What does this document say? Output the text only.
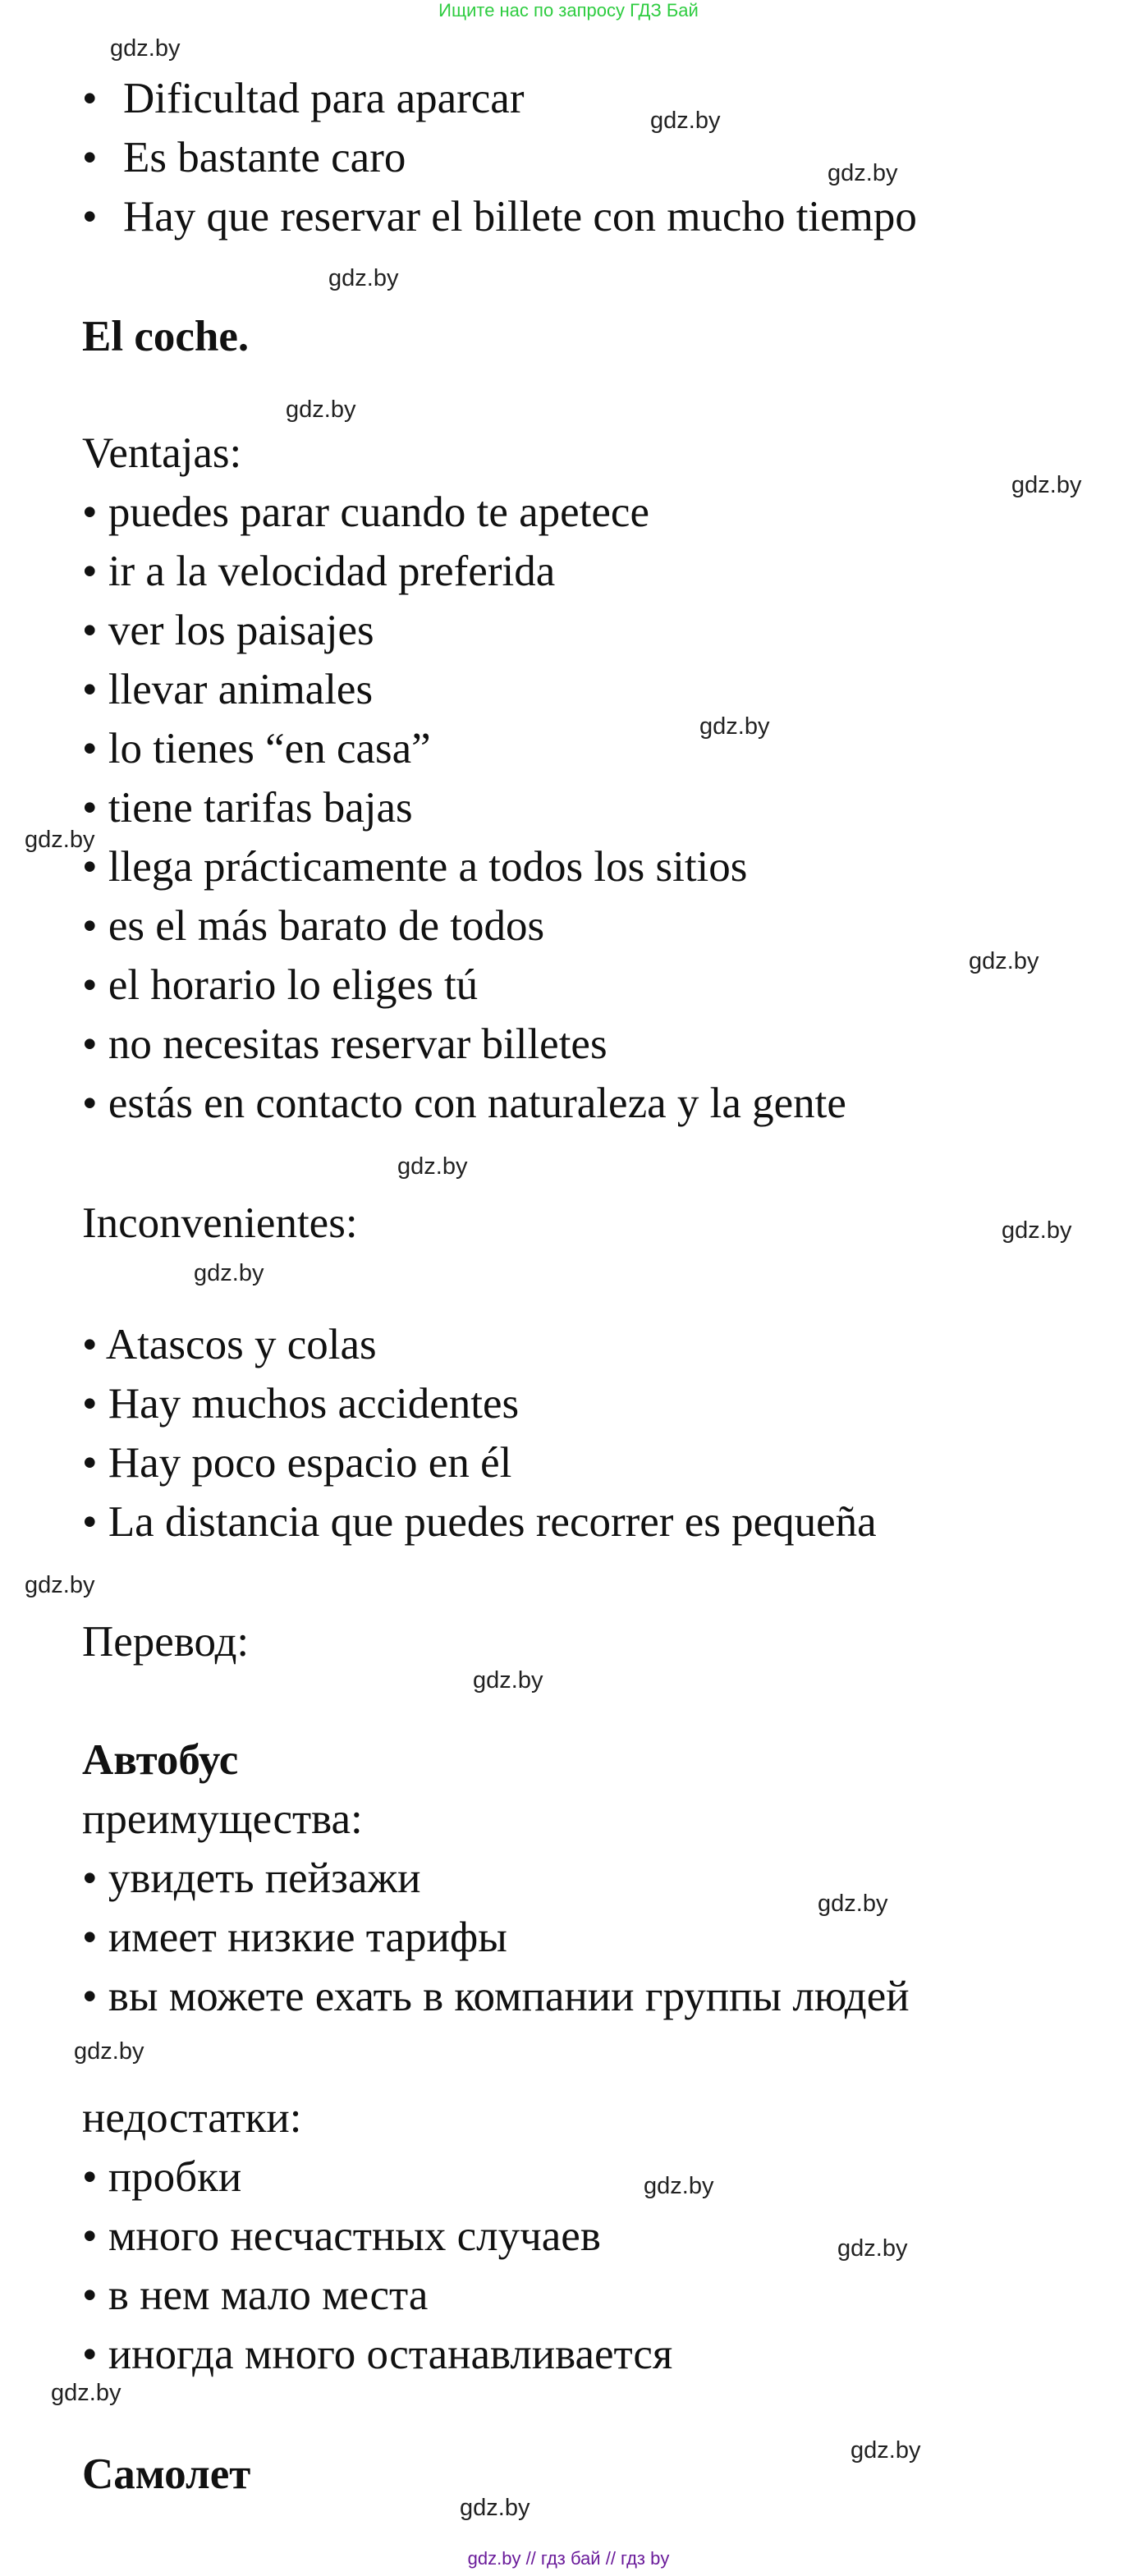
Ищите нас по запросу ГДЗ Бай
• Dificultad para aparcar
• Es bastante caro
• Hay que reservar el billete con mucho tiempo
El coche.
Ventajas:
• puedes parar cuando te apetece
• ir a la velocidad preferida
• ver los paisajes
• llevar animales
• lo tienes “en casa”
• tiene tarifas bajas
• llega prácticamente a todos los sitios
• es el más barato de todos
• el horario lo eliges tú
• no necesitas reservar billetes
• estás en contacto con naturaleza y la gente
Inconvenientes:
• Atascos y colas
• Hay muchos accidentes
• Hay poco espacio en él
• La distancia que puedes recorrer es pequeña
Перевод:
Автобус
преимущества:
• увидеть пейзажи
• имеет низкие тарифы
• вы можете ехать в компании группы людей
недостатки:
• пробки
• много несчастных случаев
• в нем мало места
• иногда много останавливается
Самолет
gdz.by
gdz.by
gdz.by
gdz.by
gdz.by
gdz.by
gdz.by
gdz.by
gdz.by
gdz.by
gdz.by
gdz.by
gdz.by
gdz.by
gdz.by
gdz.by
gdz.by
gdz.by
gdz.by
gdz.by
gdz.by
gdz.by // гдз бай // гдз by
